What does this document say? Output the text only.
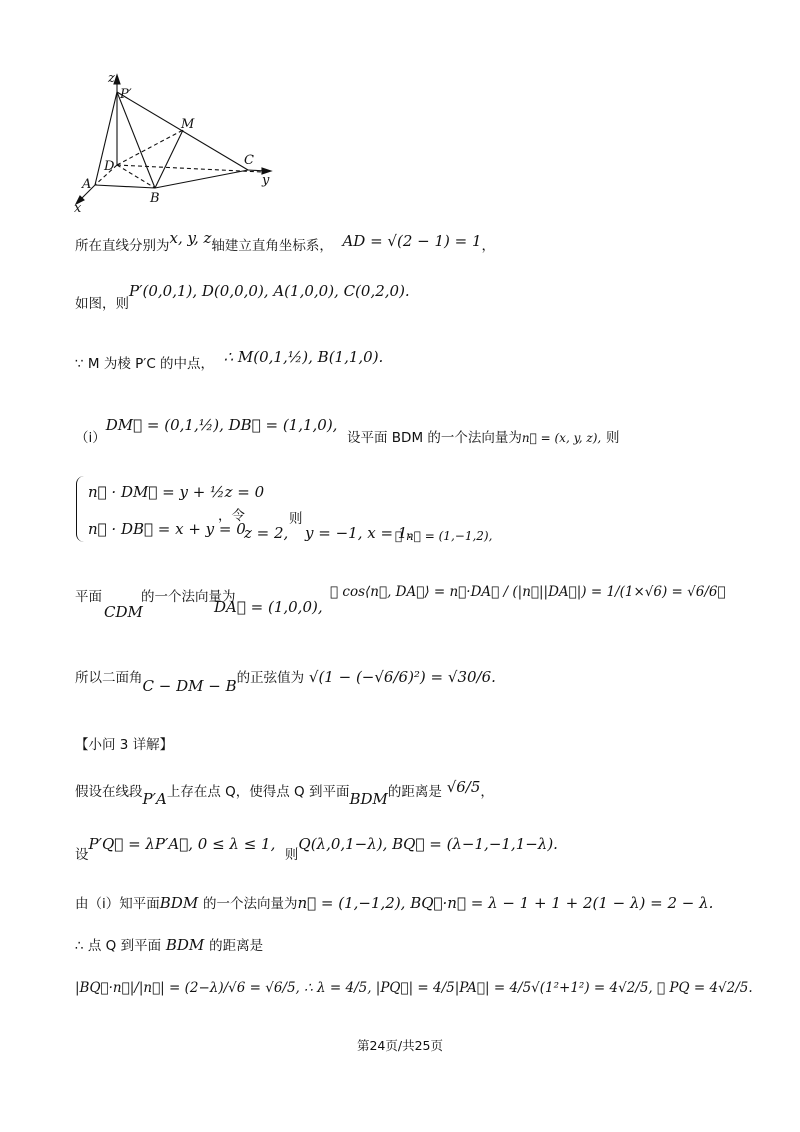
z
P′
M
D
A
C
y
B
x
所在直线分别为x, y, z轴建立直角坐标系， AD = √(2 − 1) = 1，
如图，则P′(0,0,1), D(0,0,0), A(1,0,0), C(0,2,0).
∵ M 为棱 P′C 的中点， ∴ M(0,1,½), B(1,1,0).
（i）DM⃗ = (0,1,½), DB⃗ = (1,1,0),  设平面 BDM 的一个法向量为$_{n⃗ = (x, y, z),}$ 则
n⃗ · DM⃗ = y + ½z = 0
n⃗ · DB⃗ = x + y = 0
，令
z = 2,
则
y = −1, x = 1.
∴ n⃗ = (1,−1,2),
平面
CDM
的一个法向量为
DA⃗ = (1,0,0),
∴ cos⟨n⃗, DA⃗⟩ = n⃗·DA⃗ / (|n⃗||DA⃗|) = 1/(1×√6) = √6/6，
所以二面角C − DM − B的正弦值为 √(1 − (−√6/6)²) = √30/6.
【小问 3 详解】
假设在线段P′A上存在点 Q，使得点 Q 到平面BDM的距离是 √6/5，
设P′Q⃗ = λP′A⃗, 0 ≤ λ ≤ 1,  则Q(λ,0,1−λ), BQ⃗ = (λ−1,−1,1−λ).
由（i）知平面BDM 的一个法向量为n⃗ = (1,−1,2), BQ⃗·n⃗ = λ − 1 + 1 + 2(1 − λ) = 2 − λ.
∴ 点 Q 到平面 BDM 的距离是
|BQ⃗·n⃗|/|n⃗| = (2−λ)/√6 = √6/5, ∴ λ = 4/5, |PQ⃗| = 4/5|PA⃗| = 4/5√(1²+1²) = 4√2/5, ∴ PQ = 4√2/5.
第24页/共25页
